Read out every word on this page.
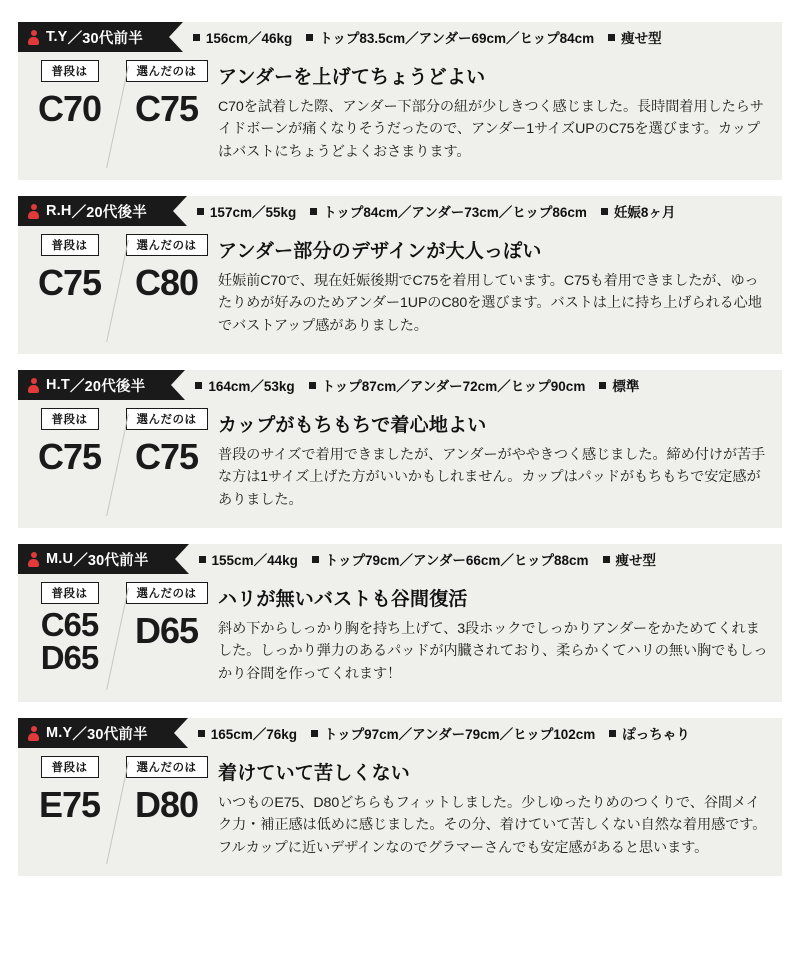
T.Y ／ 30代前半	156cm／46kg トップ83.5cm／アンダー69cm／ヒップ84cm 痩せ型
普段は
C70
選んだのは
C75

アンダーを上げてちょうどよい

C70を試着した際、アンダー下部分の紐が少しきつく感じました。長時間着用したらサイドボーンが痛くなりそうだったので、アンダー1サイズUPのC75を選びます。カップはバストにちょうどよくおさまります。

R.H ／ 20代後半	157cm／55kg トップ84cm／アンダー73cm／ヒップ86cm 妊娠8ヶ月
普段は
C75
選んだのは
C80

アンダー部分のデザインが大人っぽい

妊娠前C70で、現在妊娠後期でC75を着用しています。C75も着用できましたが、ゆったりめが好みのためアンダー1UPのC80を選びます。バストは上に持ち上げられる心地でバストアップ感がありました。

H.T ／ 20代後半	164cm／53kg トップ87cm／アンダー72cm／ヒップ90cm 標準
普段は
C75
選んだのは
C75

カップがもちもちで着心地よい

普段のサイズで着用できましたが、アンダーがややきつく感じました。締め付けが苦手な方は1サイズ上げた方がいいかもしれません。カップはパッドがもちもちで安定感がありました。

M.U ／ 30代前半	155cm／44kg トップ79cm／アンダー66cm／ヒップ88cm 痩せ型
普段は
C65
D65
選んだのは
D65

ハリが無いバストも谷間復活

斜め下からしっかり胸を持ち上げて、3段ホックでしっかりアンダーをかためてくれました。しっかり弾力のあるパッドが内臓されており、柔らかくてハリの無い胸でもしっかり谷間を作ってくれます！

M.Y ／ 30代前半	165cm／76kg トップ97cm／アンダー79cm／ヒップ102cm ぽっちゃり
普段は
E75
選んだのは
D80

着けていて苦しくない

いつものE75、D80どちらもフィットしました。少しゆったりめのつくりで、谷間メイク力・補正感は低めに感じました。その分、着けていて苦しくない自然な着用感です。フルカップに近いデザインなのでグラマーさんでも安定感があると思います。
